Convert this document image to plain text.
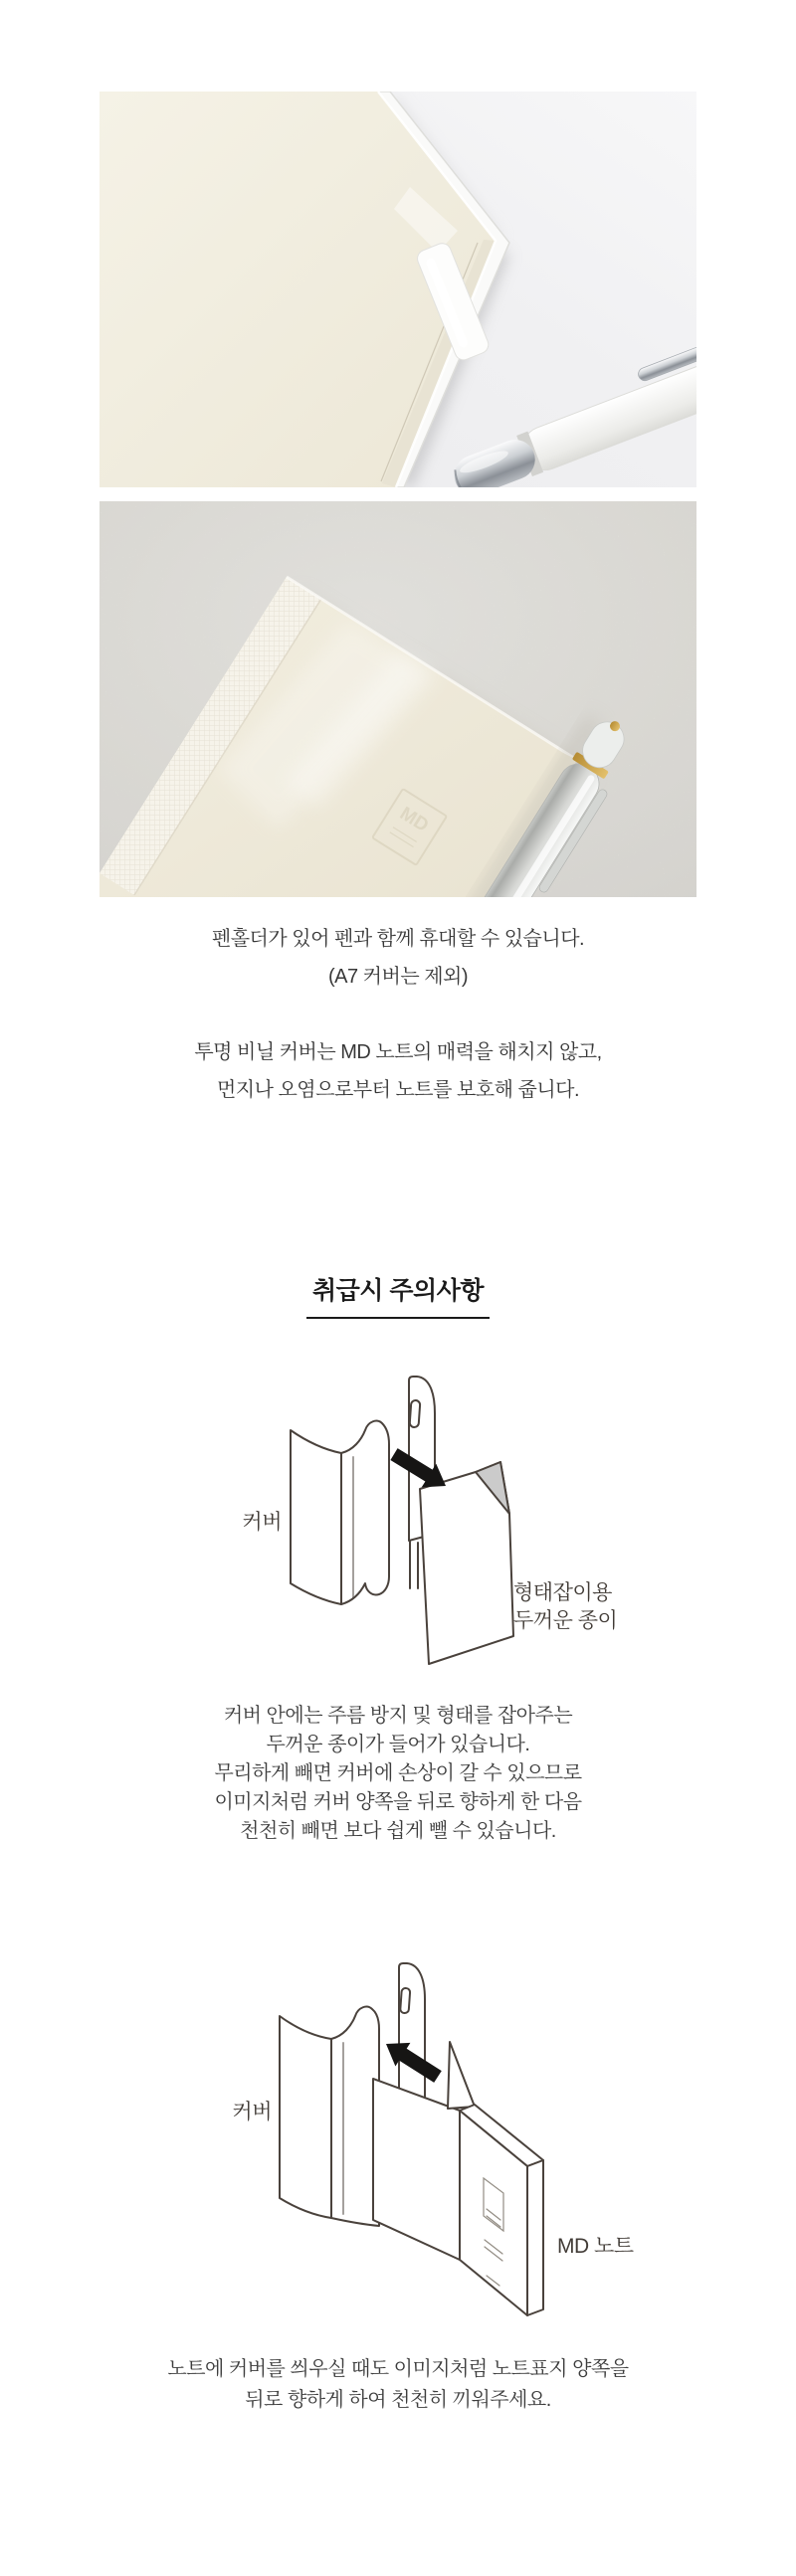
MD
펜홀더가 있어 펜과 함께 휴대할 수 있습니다.
(A7 커버는 제외)
투명 비닐 커버는 MD 노트의 매력을 해치지 않고,
먼지나 오염으로부터 노트를 보호해 줍니다.
취급시 주의사항
커버
형태잡이용
두꺼운 종이
커버 안에는 주름 방지 및 형태를 잡아주는
두꺼운 종이가 들어가 있습니다.
무리하게 빼면 커버에 손상이 갈 수 있으므로
이미지처럼 커버 양쪽을 뒤로 향하게 한 다음
천천히 빼면 보다 쉽게 뺄 수 있습니다.
커버
MD 노트
노트에 커버를 씌우실 때도 이미지처럼 노트표지 양쪽을
뒤로 향하게 하여 천천히 끼워주세요.
